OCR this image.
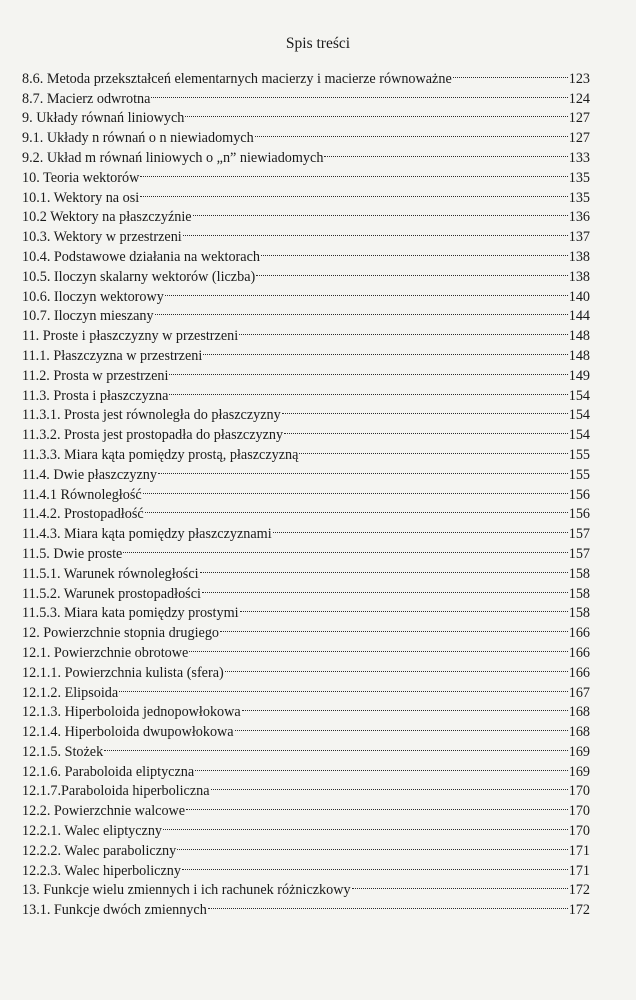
Spis treści
8.6. Metoda przekształceń elementarnych macierzy i macierze równoważne	123
8.7. Macierz odwrotna	124
9. Układy równań liniowych	127
9.1. Układy n równań o n niewiadomych	127
9.2. Układ m równań liniowych o „n” niewiadomych	133
10. Teoria wektorów	135
10.1. Wektory na osi	135
10.2 Wektory na płaszczyźnie	136
10.3. Wektory w przestrzeni	137
10.4. Podstawowe działania na wektorach	138
10.5. Iloczyn skalarny wektorów (liczba)	138
10.6. Iloczyn wektorowy	140
10.7. Iloczyn mieszany	144
11. Proste i płaszczyzny w przestrzeni	148
11.1. Płaszczyzna w przestrzeni	148
11.2. Prosta w przestrzeni	149
11.3. Prosta i płaszczyzna	154
11.3.1. Prosta jest równoległa do płaszczyzny	154
11.3.2. Prosta jest prostopadła do płaszczyzny	154
11.3.3. Miara kąta pomiędzy prostą, płaszczyzną	155
11.4. Dwie płaszczyzny	155
11.4.1 Równoległość	156
11.4.2. Prostopadłość	156
11.4.3. Miara kąta pomiędzy płaszczyznami	157
11.5. Dwie proste	157
11.5.1. Warunek równoległości	158
11.5.2. Warunek prostopadłości	158
11.5.3. Miara kata pomiędzy prostymi	158
12. Powierzchnie stopnia drugiego	166
12.1. Powierzchnie obrotowe	166
12.1.1. Powierzchnia kulista (sfera)	166
12.1.2. Elipsoida	167
12.1.3. Hiperboloida jednopowłokowa	168
12.1.4. Hiperboloida dwupowłokowa	168
12.1.5. Stożek	169
12.1.6. Paraboloida eliptyczna	169
12.1.7.Paraboloida hiperboliczna	170
12.2. Powierzchnie walcowe	170
12.2.1. Walec eliptyczny	170
12.2.2. Walec paraboliczny	171
12.2.3. Walec hiperboliczny	171
13. Funkcje wielu zmiennych i ich rachunek różniczkowy	172
13.1. Funkcje dwóch zmiennych	172
